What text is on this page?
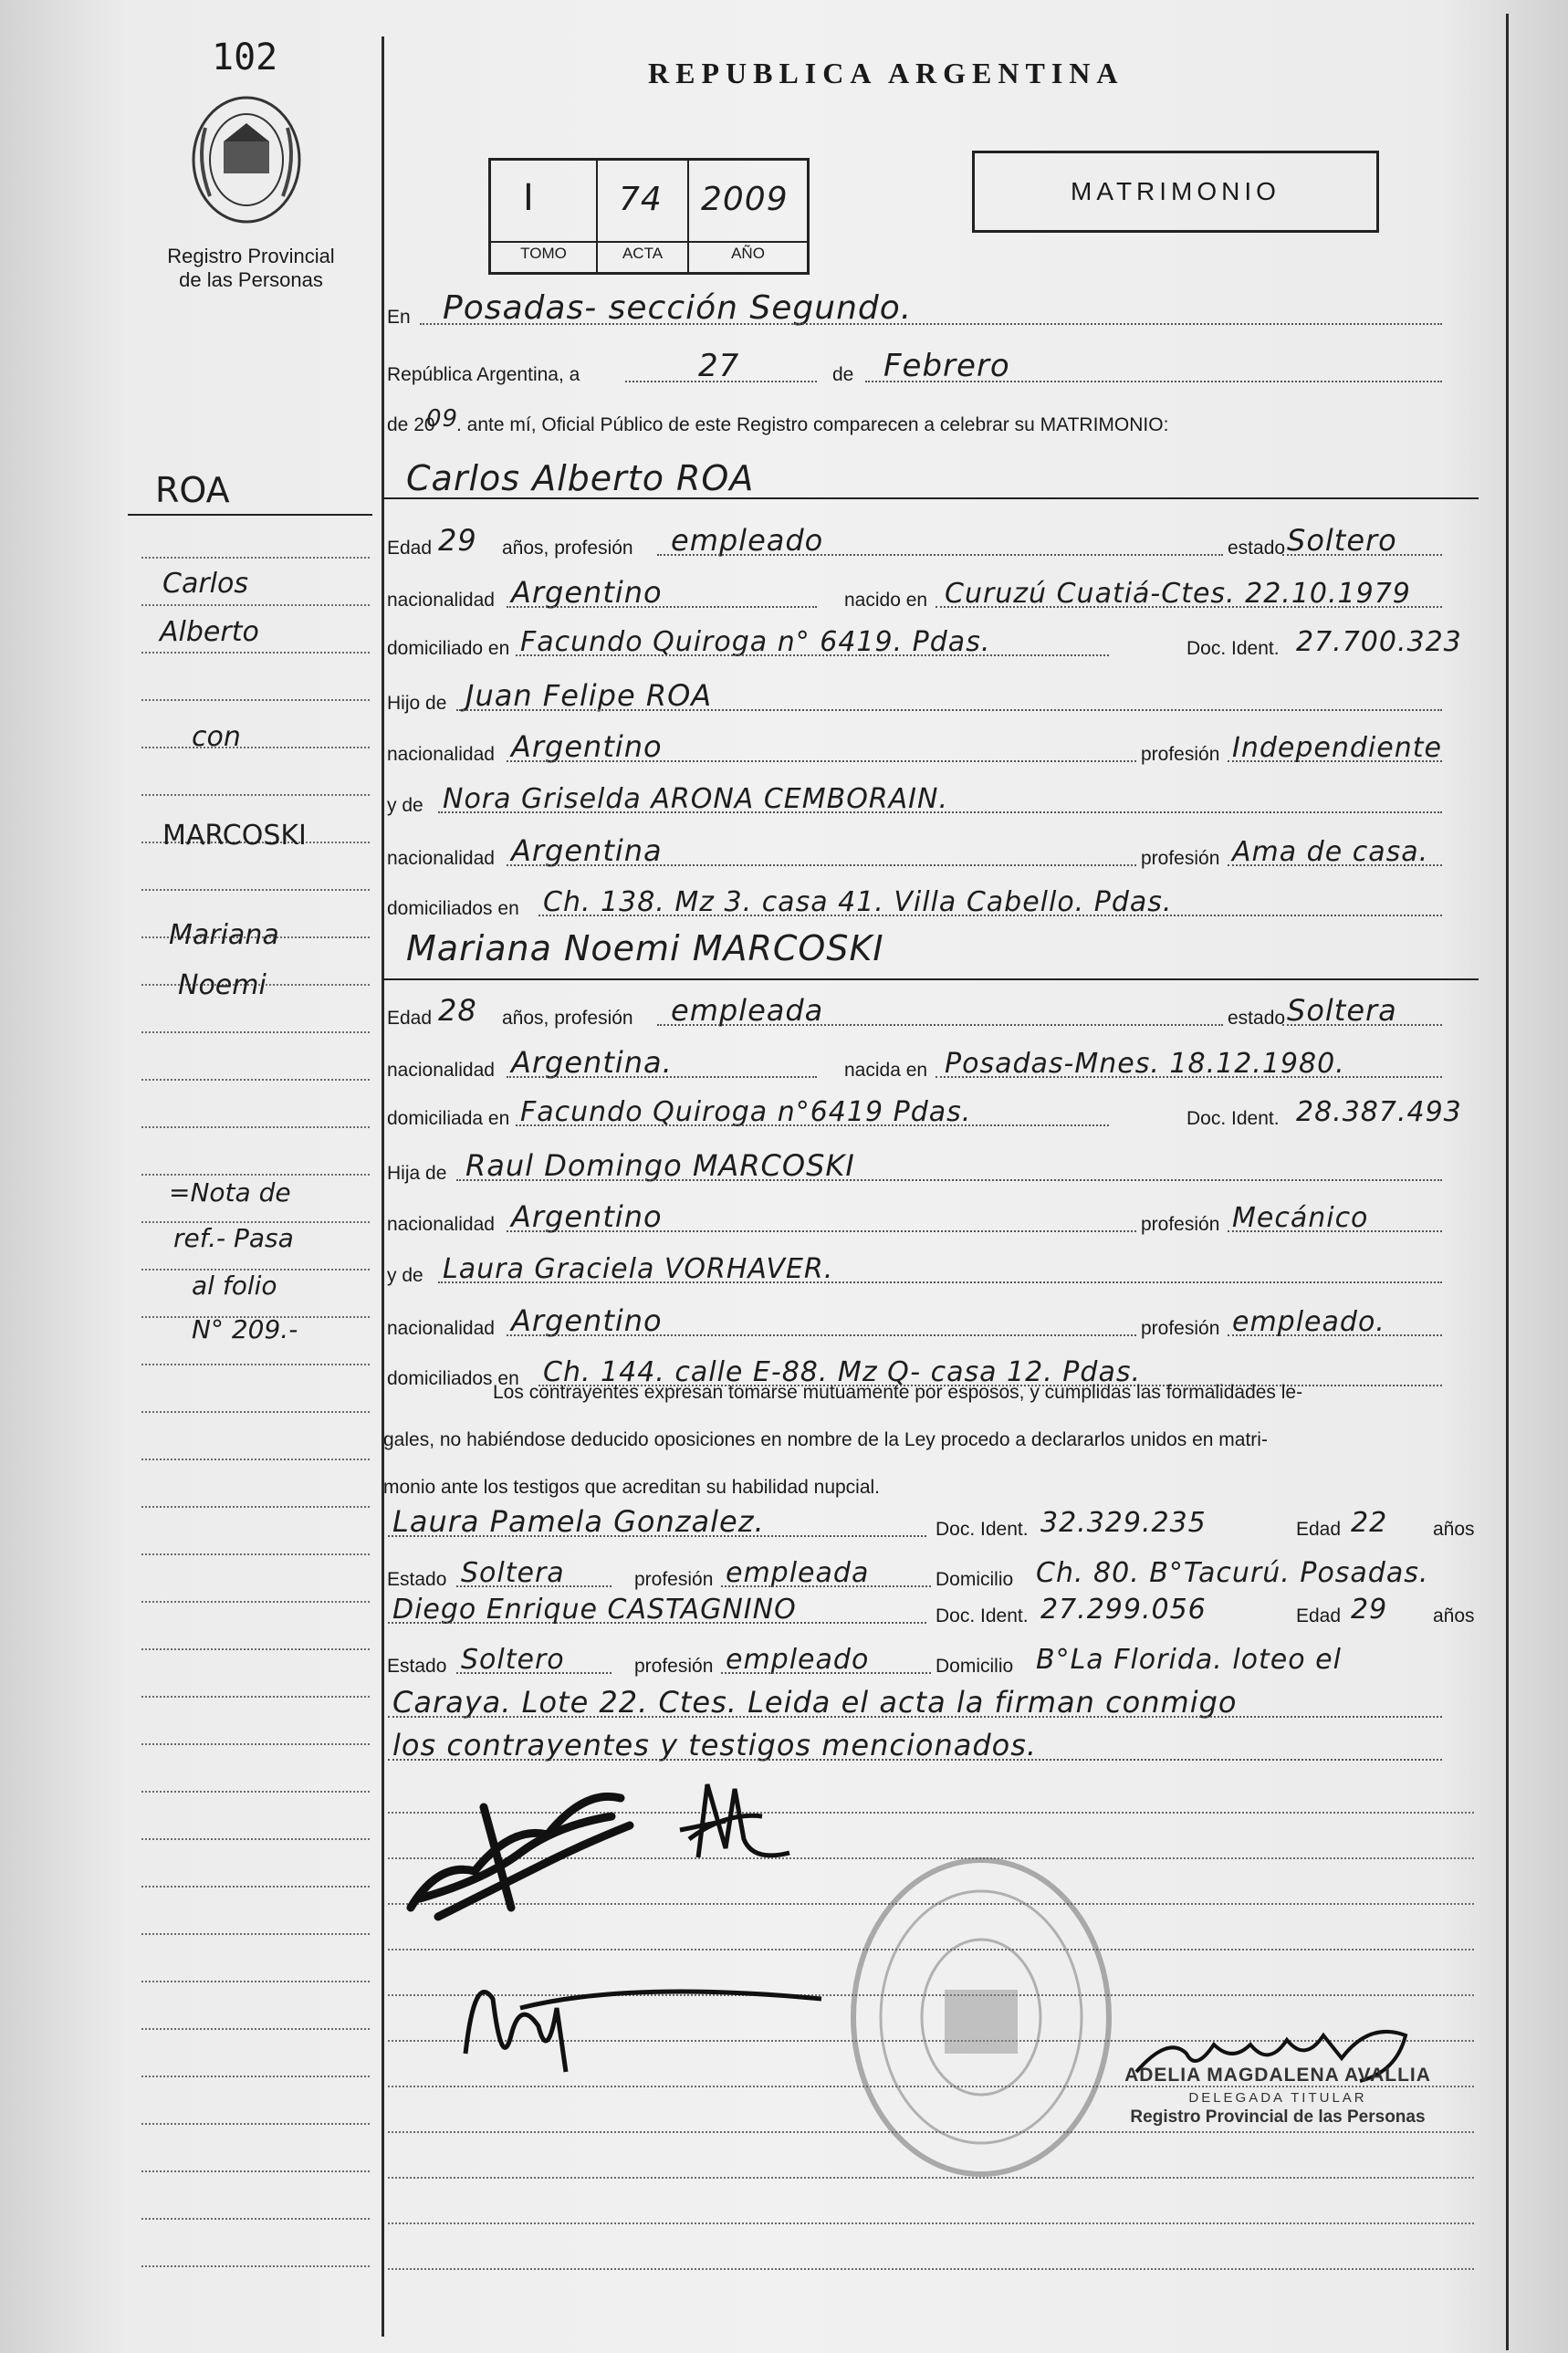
102
Registro Provincial
de las Personas
REPUBLICA ARGENTINA
I	74 2009
TOMO	ACTA	AÑO
MATRIMONIO
ROA
Carlos
Alberto
con
MARCOSKI
Mariana
Noemi
=Nota de
ref.- Pasa
al folio
N° 209.-
En Posadas- sección Segundo.
República Argentina, a	27	de Febrero
de 20
09
. ante mí, Oficial Público de este Registro comparecen a celebrar su MATRIMONIO:
Carlos Alberto ROA
Edad 29 años, profesión empleado	estado Soltero
nacionalidad Argentino	nacido en Curuzú Cuatiá-Ctes. 22.10.1979
domiciliado en Facundo Quiroga n° 6419. Pdas.	Doc. Ident. 27.700.323
Hijo de Juan Felipe ROA
nacionalidad Argentino	profesión Independiente
y de Nora Griselda ARONA CEMBORAIN.
nacionalidad Argentina	profesión Ama de casa.
domiciliados en Ch. 138. Mz 3. casa 41. Villa Cabello. Pdas.
Mariana Noemi MARCOSKI
Edad 28 años, profesión empleada	estado Soltera
nacionalidad Argentina.	nacida en Posadas-Mnes. 18.12.1980.
domiciliada en Facundo Quiroga n°6419 Pdas.	Doc. Ident. 28.387.493
Hija de Raul Domingo MARCOSKI
nacionalidad Argentino	profesión Mecánico
y de Laura Graciela VORHAVER.
nacionalidad Argentino	profesión empleado.
domiciliados en Ch. 144. calle E-88. Mz Q- casa 12. Pdas.
Los contrayentes expresan tomarse mutuamente por esposos, y cumplidas las formalidades le-
gales, no habiéndose deducido oposiciones en nombre de la Ley procedo a declararlos unidos en matri-
monio ante los testigos que acreditan su habilidad nupcial.
Laura Pamela Gonzalez.	Doc. Ident. 32.329.235	Edad 22 años
Estado Soltera	profesión empleada	Domicilio Ch. 80. B°Tacurú. Posadas.
Diego Enrique CASTAGNINO	Doc. Ident. 27.299.056	Edad 29 años
Estado Soltero	profesión empleado	Domicilio B°La Florida. loteo el
Caraya. Lote 22. Ctes. Leida el acta la firman conmigo
los contrayentes y testigos mencionados.
ADELIA MAGDALENA AVALLIA
DELEGADA TITULAR
Registro Provincial de las Personas
